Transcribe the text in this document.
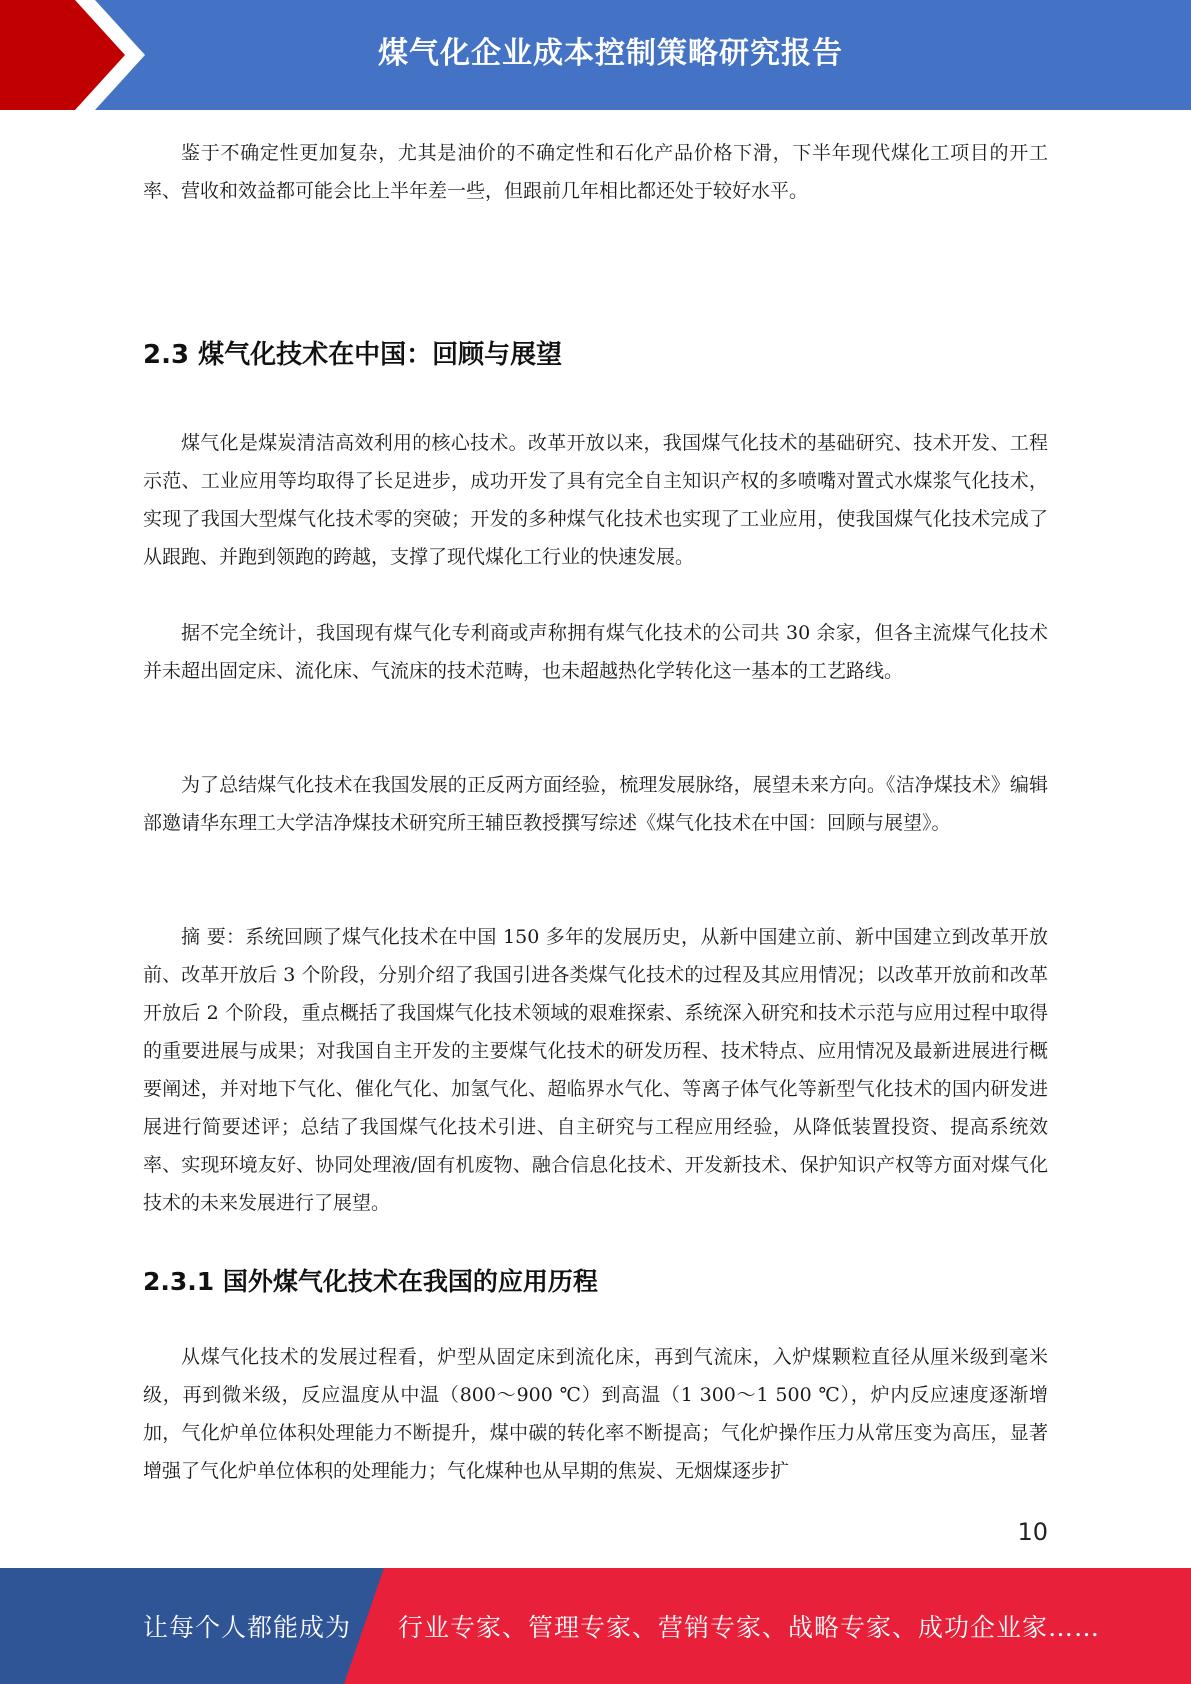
煤气化企业成本控制策略研究报告

鉴于不确定性更加复杂，尤其是油价的不确定性和石化产品价格下滑，下半年现代煤化工项目的开工率、营收和效益都可能会比上半年差一些，但跟前几年相比都还处于较好水平。

2.3 煤气化技术在中国：回顾与展望

煤气化是煤炭清洁高效利用的核心技术。改革开放以来，我国煤气化技术的基础研究、技术开发、工程示范、工业应用等均取得了长足进步，成功开发了具有完全自主知识产权的多喷嘴对置式水煤浆气化技术，实现了我国大型煤气化技术零的突破；开发的多种煤气化技术也实现了工业应用，使我国煤气化技术完成了从跟跑、并跑到领跑的跨越，支撑了现代煤化工行业的快速发展。

据不完全统计，我国现有煤气化专利商或声称拥有煤气化技术的公司共 30 余家，但各主流煤气化技术并未超出固定床、流化床、气流床的技术范畴，也未超越热化学转化这一基本的工艺路线。

为了总结煤气化技术在我国发展的正反两方面经验，梳理发展脉络，展望未来方向。《洁净煤技术》编辑部邀请华东理工大学洁净煤技术研究所王辅臣教授撰写综述《煤气化技术在中国：回顾与展望》。

摘 要：系统回顾了煤气化技术在中国 150 多年的发展历史，从新中国建立前、新中国建立到改革开放前、改革开放后 3 个阶段，分别介绍了我国引进各类煤气化技术的过程及其应用情况；以改革开放前和改革开放后 2 个阶段，重点概括了我国煤气化技术领域的艰难探索、系统深入研究和技术示范与应用过程中取得的重要进展与成果；对我国自主开发的主要煤气化技术的研发历程、技术特点、应用情况及最新进展进行概要阐述，并对地下气化、催化气化、加氢气化、超临界水气化、等离子体气化等新型气化技术的国内研发进展进行简要述评；总结了我国煤气化技术引进、自主研究与工程应用经验，从降低装置投资、提高系统效率、实现环境友好、协同处理液/固有机废物、融合信息化技术、开发新技术、保护知识产权等方面对煤气化技术的未来发展进行了展望。

2.3.1 国外煤气化技术在我国的应用历程

从煤气化技术的发展过程看，炉型从固定床到流化床，再到气流床，入炉煤颗粒直径从厘米级到毫米级，再到微米级，反应温度从中温（800～900 ℃）到高温（1 300～1 500 ℃），炉内反应速度逐渐增加，气化炉单位体积处理能力不断提升，煤中碳的转化率不断提高；气化炉操作压力从常压变为高压，显著增强了气化炉单位体积的处理能力；气化煤种也从早期的焦炭、无烟煤逐步扩

10
让每个人都能成为 行业专家、管理专家、营销专家、战略专家、成功企业家……
